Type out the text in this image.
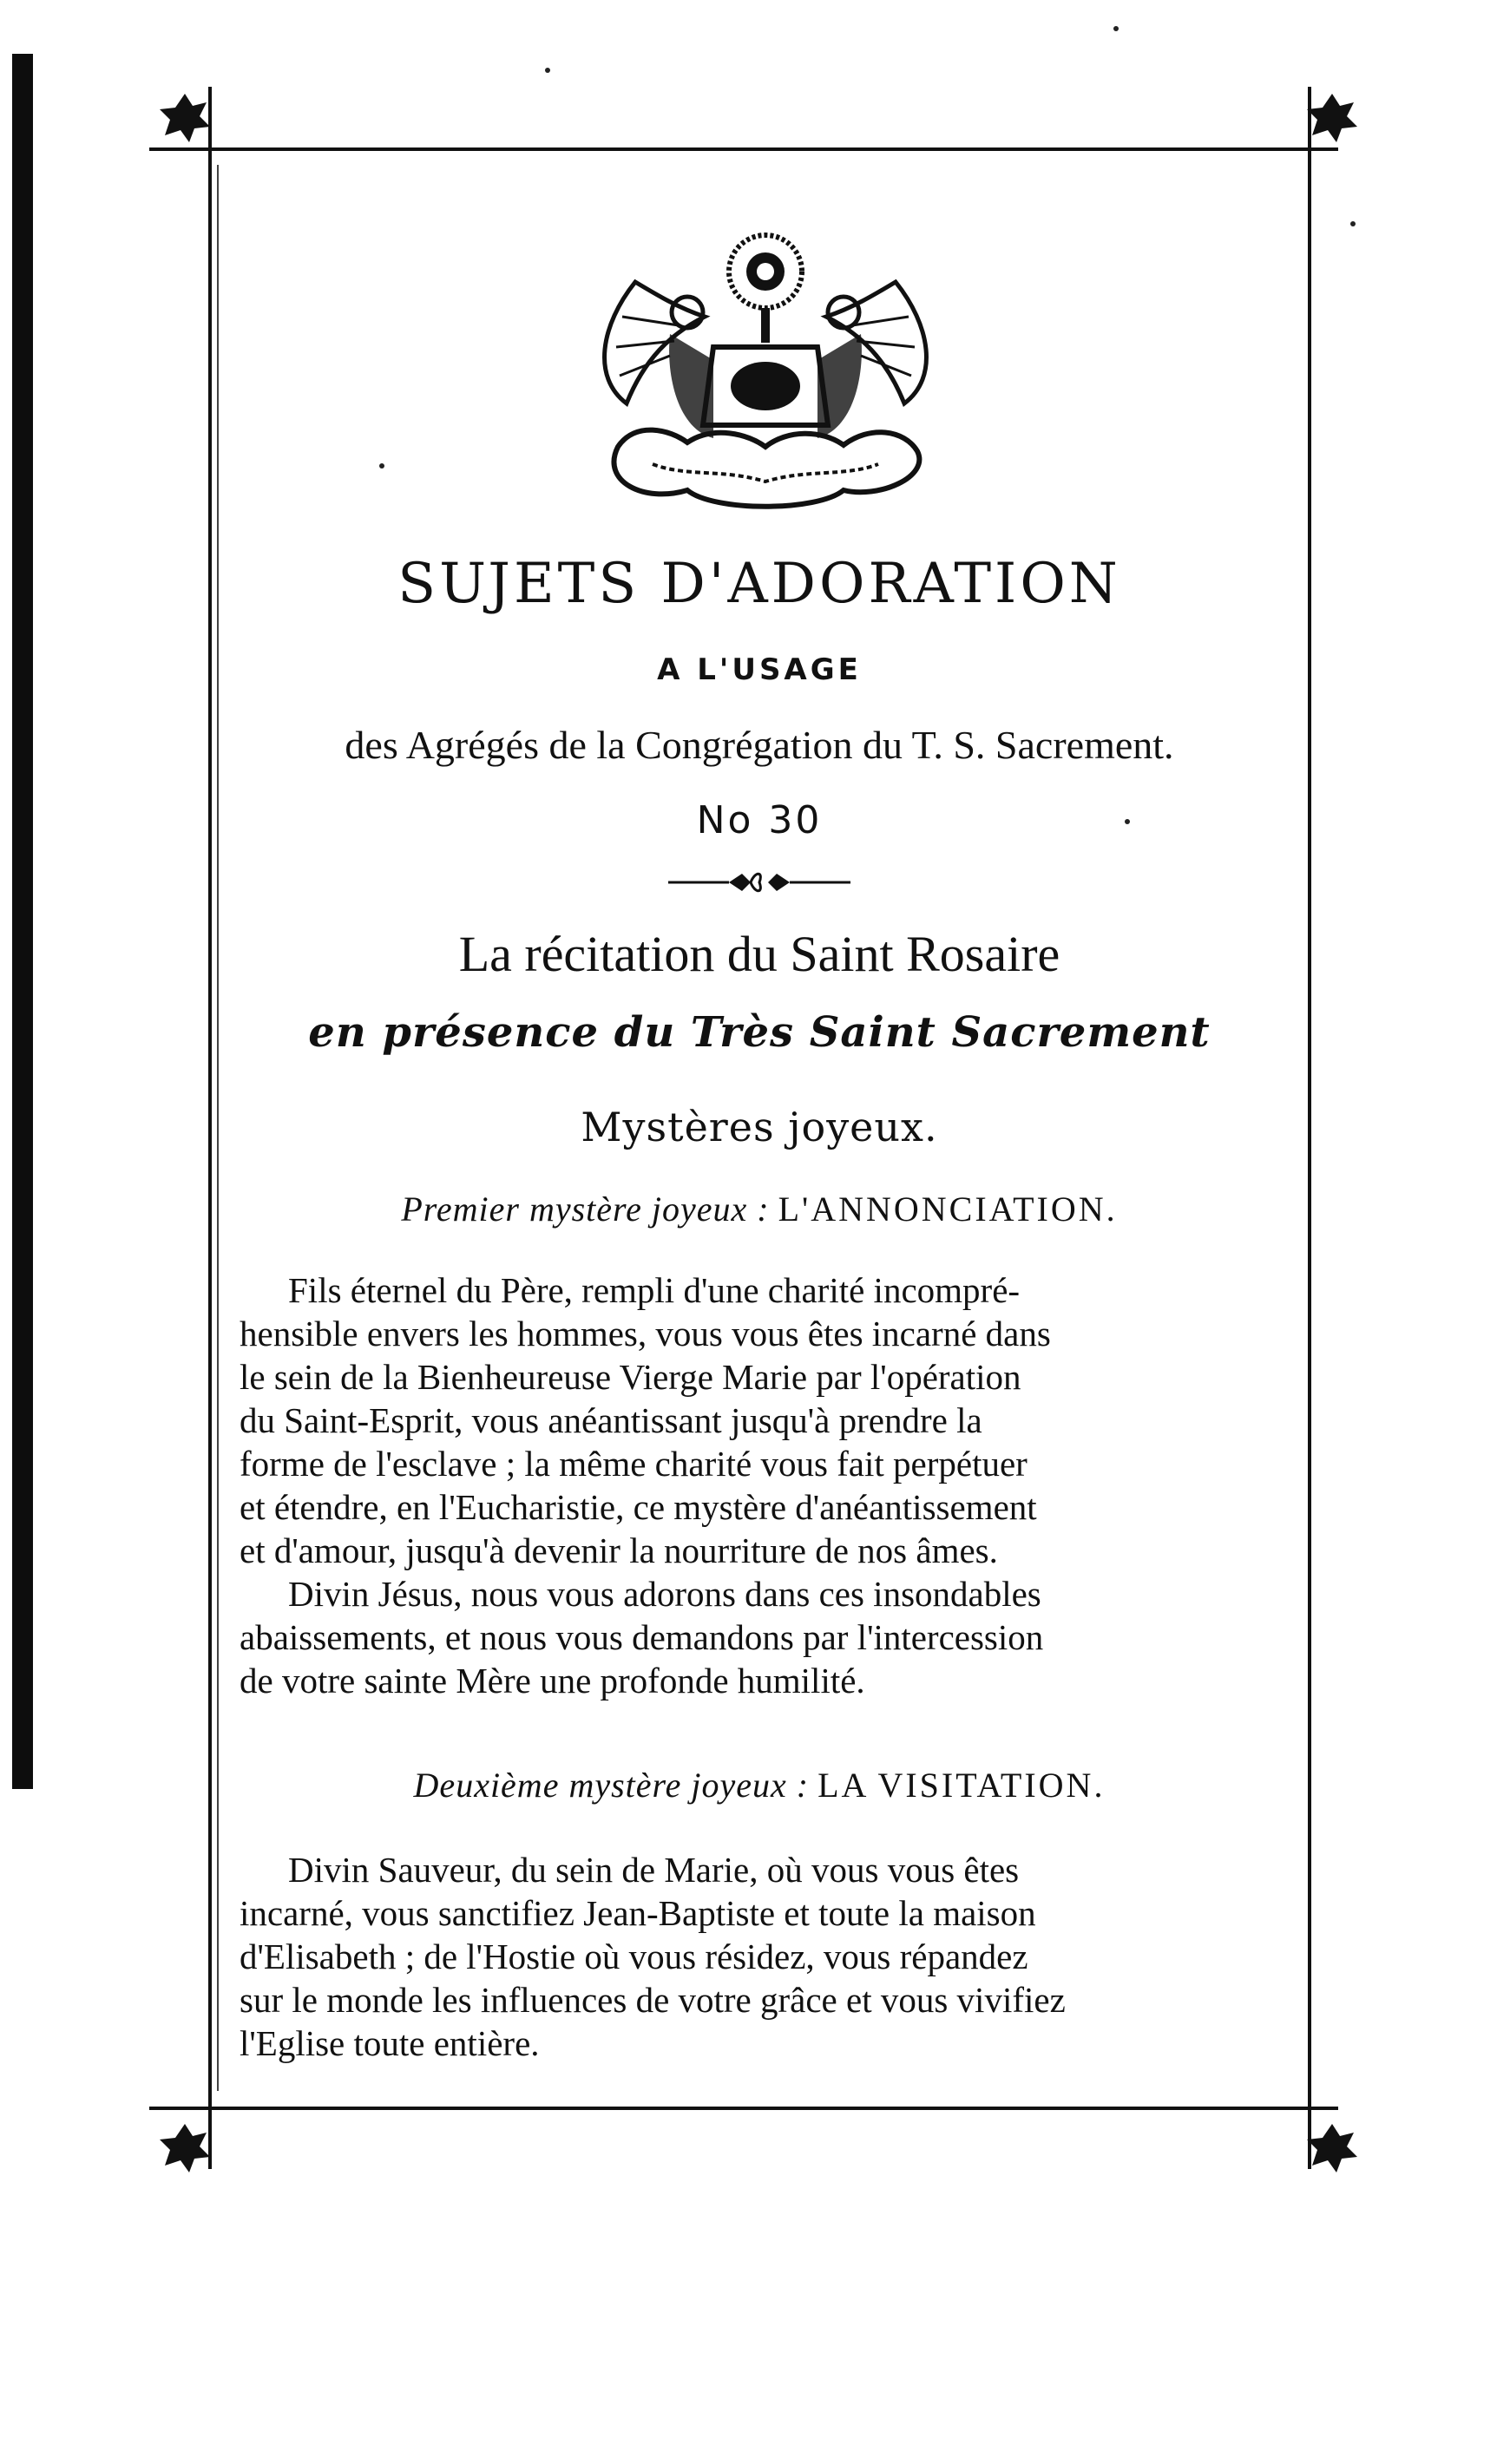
SUJETS D'ADORATION
A L'USAGE
des Agrégés de la Congrégation du T. S. Sacrement.
No 30
La récitation du Saint Rosaire
en présence du Très Saint Sacrement
Mystères joyeux.
Premier mystère joyeux : L'ANNONCIATION.
Fils éternel du Père, rempli d'une charité incompré-
hensible envers les hommes, vous vous êtes incarné dans
le sein de la Bienheureuse Vierge Marie par l'opération
du Saint-Esprit, vous anéantissant jusqu'à prendre la
forme de l'esclave ; la même charité vous fait perpétuer
et étendre, en l'Eucharistie, ce mystère d'anéantissement
et d'amour, jusqu'à devenir la nourriture de nos âmes.
Divin Jésus, nous vous adorons dans ces insondables
abaissements, et nous vous demandons par l'intercession
de votre sainte Mère une profonde humilité.
Deuxième mystère joyeux : LA VISITATION.
Divin Sauveur, du sein de Marie, où vous vous êtes
incarné, vous sanctifiez Jean-Baptiste et toute la maison
d'Elisabeth ; de l'Hostie où vous résidez, vous répandez
sur le monde les influences de votre grâce et vous vivifiez
l'Eglise toute entière.
